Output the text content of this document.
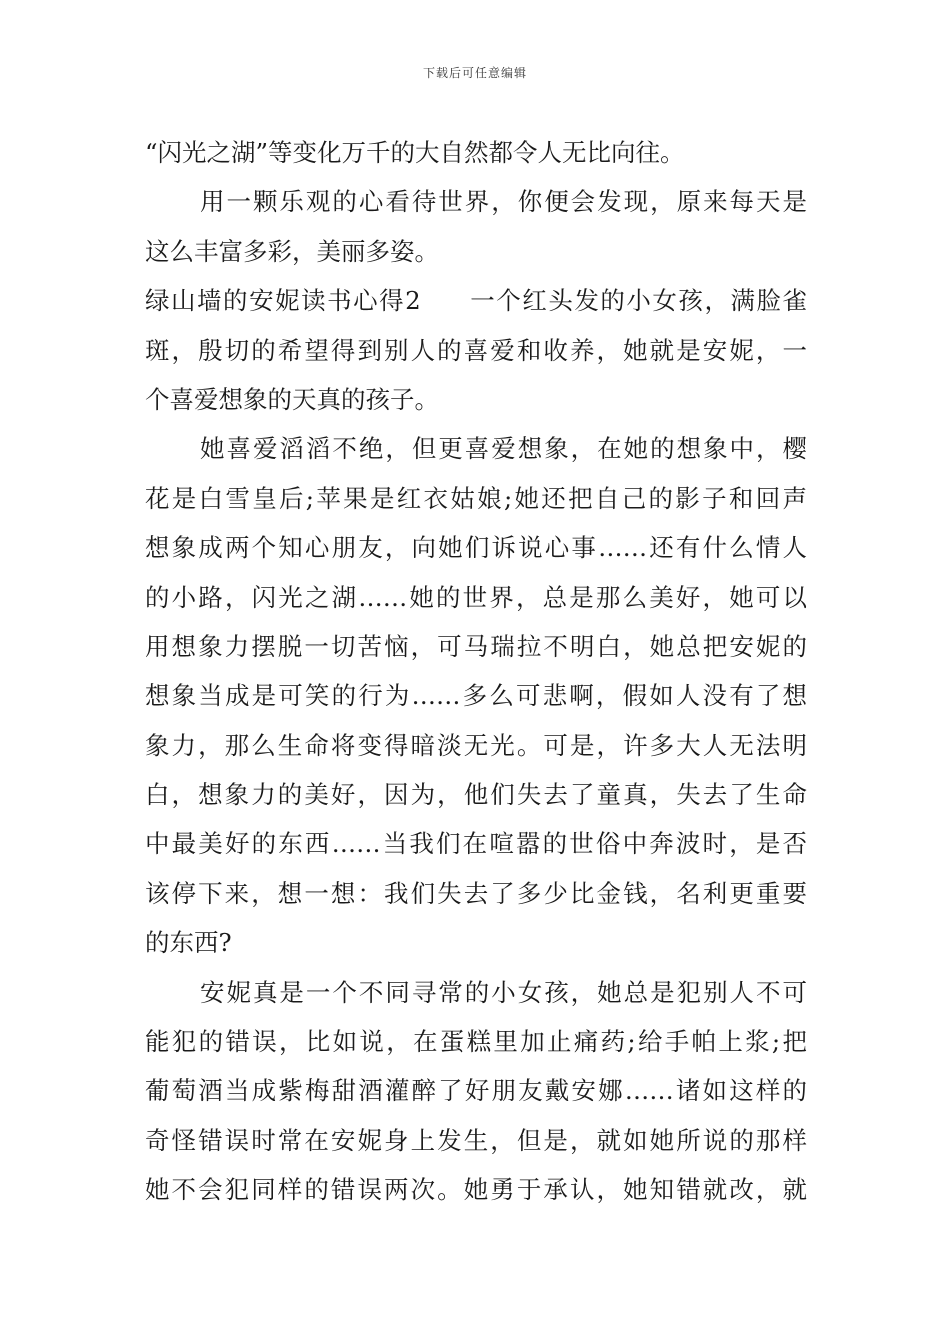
下载后可任意编辑
“闪光之湖”等变化万千的大自然都令人无比向往。
用一颗乐观的心看待世界，你便会发现，原来每天是
这么丰富多彩，美丽多姿。
绿山墙的安妮读书心得2 一个红头发的小女孩，满脸雀
斑，殷切的希望得到别人的喜爱和收养，她就是安妮，一
个喜爱想象的天真的孩子。
她喜爱滔滔不绝，但更喜爱想象，在她的想象中，樱
花是白雪皇后;苹果是红衣姑娘;她还把自己的影子和回声
想象成两个知心朋友，向她们诉说心事……还有什么情人
的小路，闪光之湖……她的世界，总是那么美好，她可以
用想象力摆脱一切苦恼，可马瑞拉不明白，她总把安妮的
想象当成是可笑的行为……多么可悲啊，假如人没有了想
象力，那么生命将变得暗淡无光。可是，许多大人无法明
白，想象力的美好，因为，他们失去了童真，失去了生命
中最美好的东西……当我们在喧嚣的世俗中奔波时，是否
该停下来，想一想：我们失去了多少比金钱，名利更重要
的东西?
安妮真是一个不同寻常的小女孩，她总是犯别人不可
能犯的错误，比如说，在蛋糕里加止痛药;给手帕上浆;把
葡萄酒当成紫梅甜酒灌醉了好朋友戴安娜……诸如这样的
奇怪错误时常在安妮身上发生，但是，就如她所说的那样
她不会犯同样的错误两次。她勇于承认，她知错就改，就
